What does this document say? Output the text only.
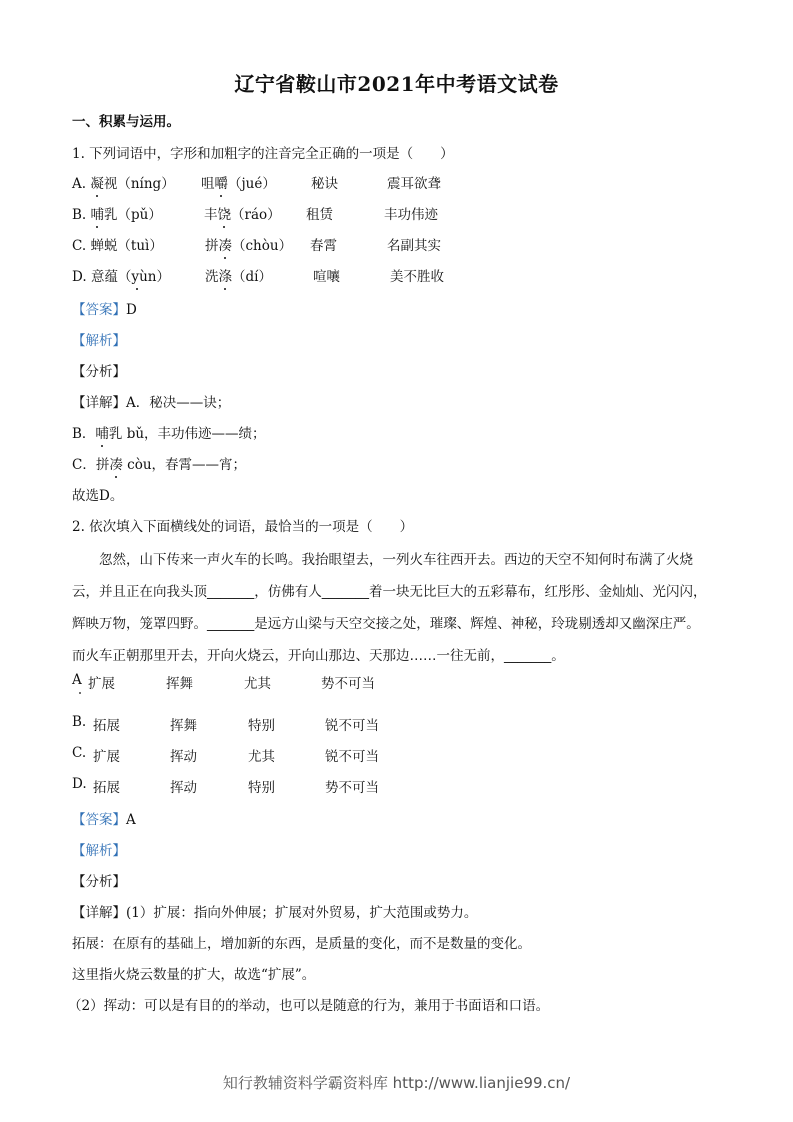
辽宁省鞍山市2021年中考语文试卷
一、积累与运用。
1. 下列词语中，字形和加粗字的注音完全正确的一项是（　　）
A. 凝视（níng） 咀嚼（jué）	秘诀	震耳欲聋
B. 哺乳（pǔ）	丰饶（ráo） 租赁	丰功伟迹
C. 蝉蜕（tuì）	拼凑（chòu） 春霄	名副其实
D. 意蕴（yùn）	洗涤（dí）	喧嚷	美不胜收
【答案】D
【解析】
【分析】
【详解】A．秘决——诀；
B．哺乳 bǔ，丰功伟迹——绩；
C．拼凑 còu，春霄——宵；
故选D。
2. 依次填入下面横线处的词语，最恰当的一项是（　　）
　　忽然，山下传来一声火车的长鸣。我抬眼望去，一列火车往西开去。西边的天空不知何时布满了火烧
云，并且正在向我头顶_______，仿佛有人_______着一块无比巨大的五彩幕布，红彤彤、金灿灿、光闪闪，
辉映万物，笼罩四野。_______是远方山梁与天空交接之处，璀璨、辉煌、神秘，玲珑剔透却又幽深庄严。
而火车正朝那里开去，开向火烧云，开向山那边、天那边……一往无前，_______。
A 扩展	挥舞	尤其	势不可当
B. 拓展	挥舞	特别	锐不可当
C. 扩展	挥动	尤其	锐不可当
D. 拓展	挥动	特别	势不可当
【答案】A
【解析】
【分析】
【详解】(1）扩展：指向外伸展；扩展对外贸易，扩大范围或势力。
拓展：在原有的基础上，增加新的东西，是质量的变化，而不是数量的变化。
这里指火烧云数量的扩大，故选“扩展”。
（2）挥动：可以是有目的的举动，也可以是随意的行为，兼用于书面语和口语。
知行教辅资料学霸资料库 http://www.lianjie99.cn/
